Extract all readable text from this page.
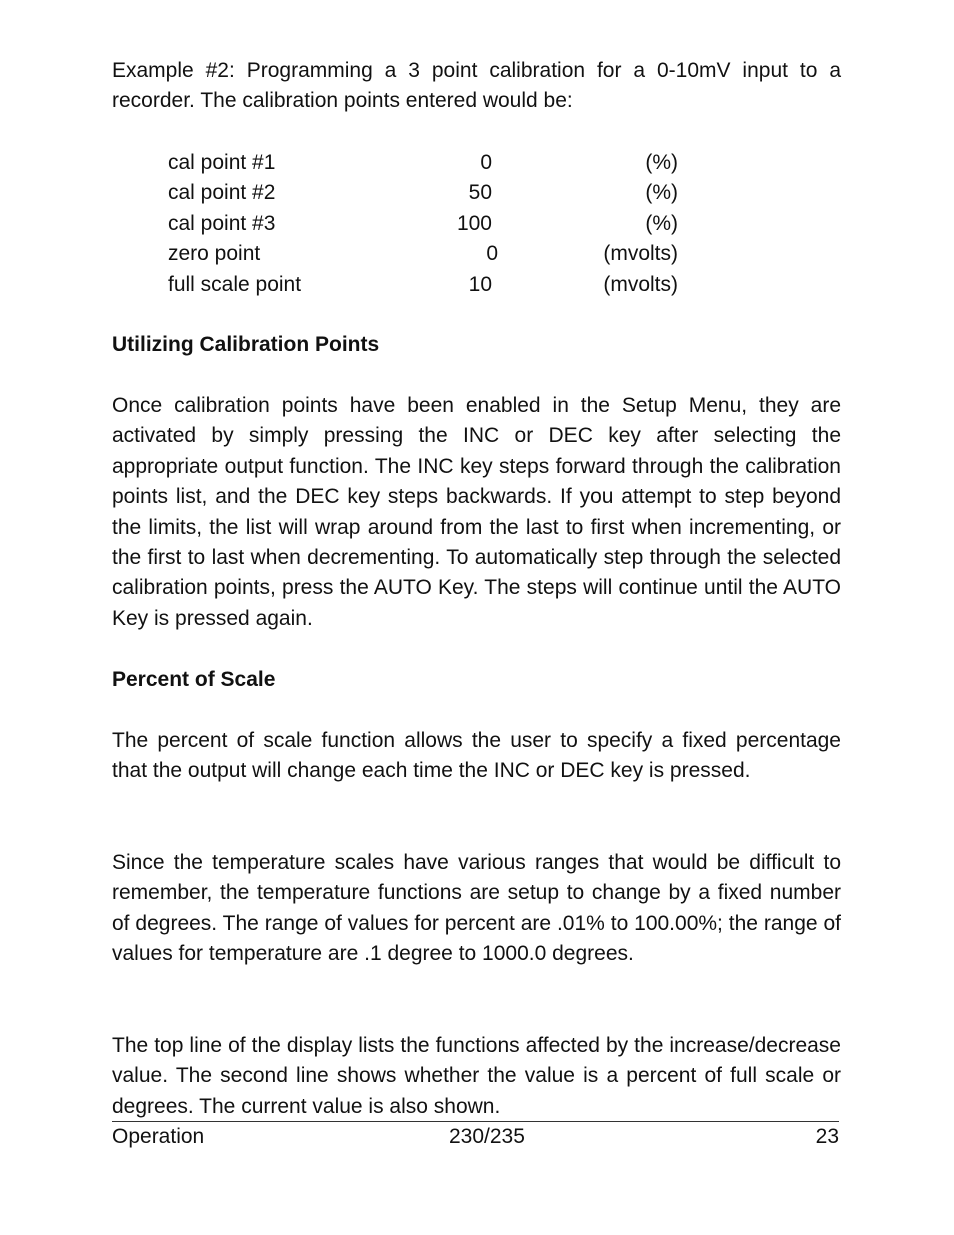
Example #2: Programming a 3 point calibration for a 0-10mV input to a recorder. The calibration points entered would be:

cal point #1	0	(%)
cal point #2	50	(%)
cal point #3	100	(%)
zero point	0	(mvolts)
full scale point	10	(mvolts)
Utilizing Calibration Points

Once calibration points have been enabled in the Setup Menu, they are activated by simply pressing the INC or DEC key after selecting the appropriate output function. The INC key steps forward through the calibration points list, and the DEC key steps backwards. If you attempt to step beyond the limits, the list will wrap around from the last to first when incrementing, or the first to last when decrementing. To automatically step through the selected calibration points, press the AUTO Key. The steps will continue until the AUTO Key is pressed again.

Percent of Scale

The percent of scale function allows the user to specify a fixed percentage that the output will change each time the INC or DEC key is pressed.

Since the temperature scales have various ranges that would be difficult to remember, the temperature functions are setup to change by a fixed number of degrees. The range of values for percent are .01% to 100.00%; the range of values for temperature are .1 degree to 1000.0 degrees.

The top line of the display lists the functions affected by the increase/decrease value. The second line shows whether the value is a percent of full scale or degrees. The current value is also shown.

Operation	230/235	23
